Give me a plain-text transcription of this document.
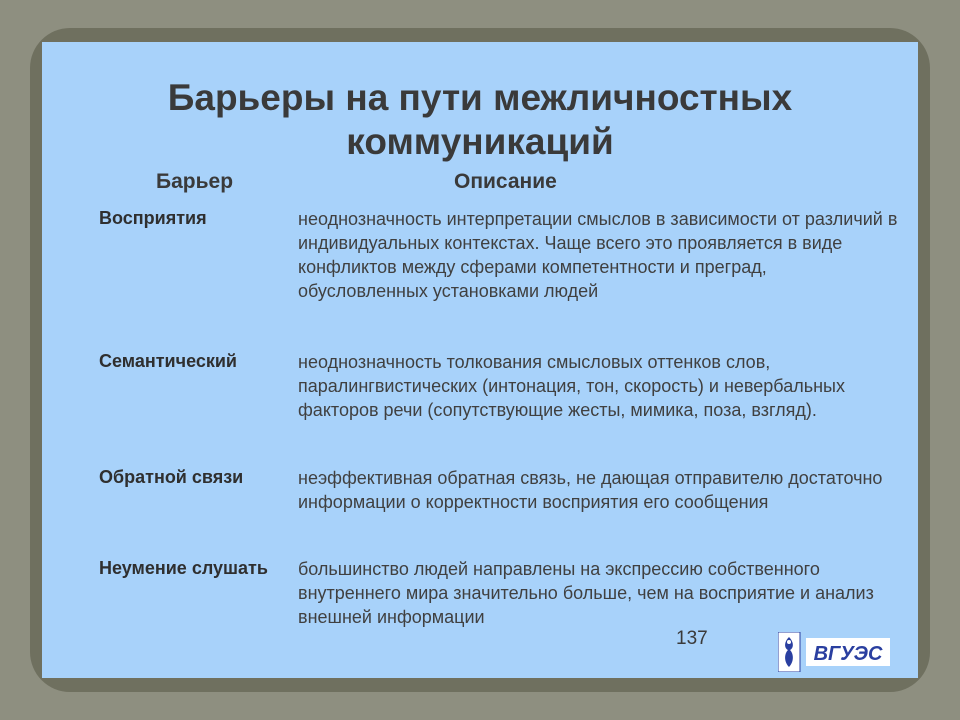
Барьеры на пути межличностных
коммуникаций
Барьер	Описание
Восприятия	неоднозначность интерпретации смыслов в зависимости от различий в индивидуальных контекстах. Чаще всего это проявляется в виде конфликтов между сферами компетентности и преград, обусловленных установками людей
Семантический	неоднозначность толкования смысловых оттенков слов, паралингвистических (интонация, тон, скорость) и невербальных факторов речи (сопутствующие жесты, мимика, поза, взгляд).
Обратной связи	неэффективная обратная связь, не дающая отправителю достаточно информации о корректности восприятия его сообщения
Неумение слушать	большинство людей направлены на экспрессию собственного внутреннего мира значительно больше, чем на восприятие и анализ внешней информации
137
ВГУЭС
